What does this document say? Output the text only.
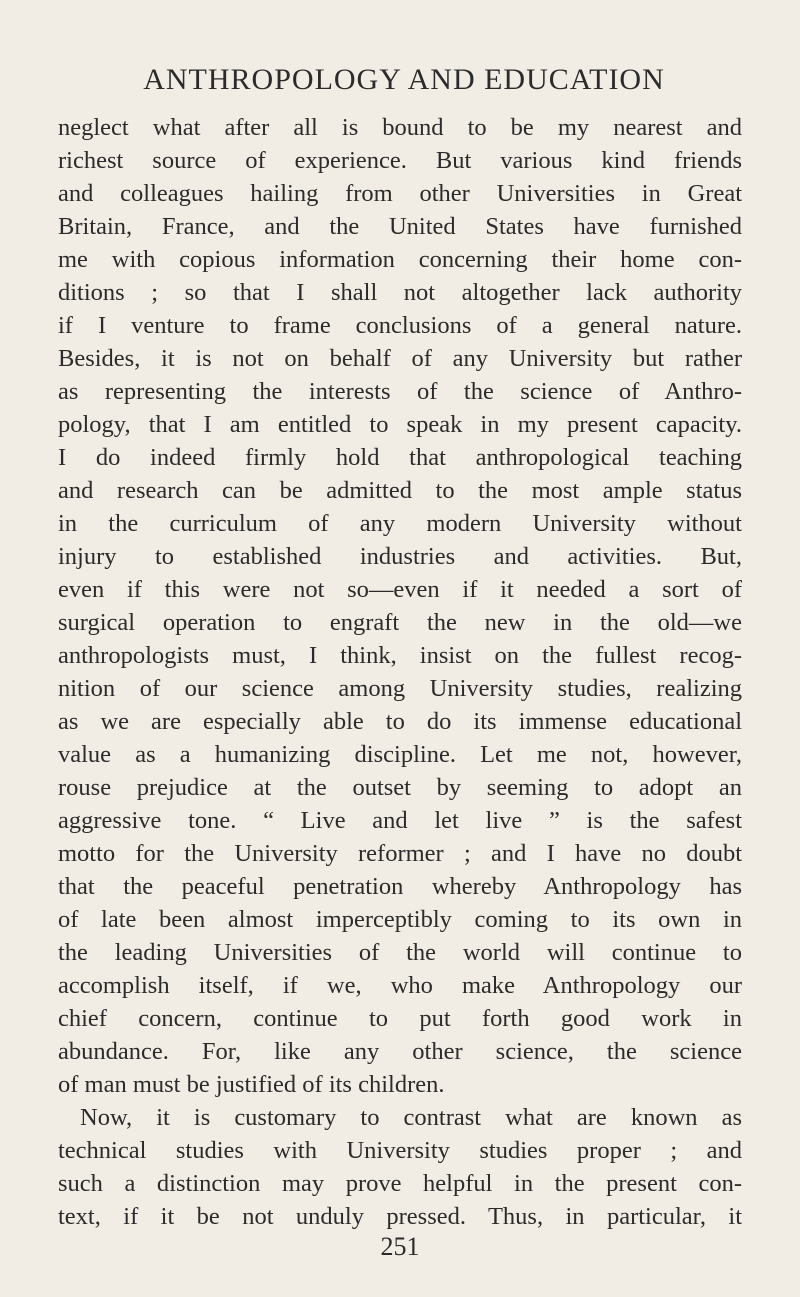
ANTHROPOLOGY AND EDUCATION
neglect what after all is bound to be my nearest and
richest source of experience. But various kind friends
and colleagues hailing from other Universities in Great
Britain, France, and the United States have furnished
me with copious information concerning their home con-
ditions ; so that I shall not altogether lack authority
if I venture to frame conclusions of a general nature.
Besides, it is not on behalf of any University but rather
as representing the interests of the science of Anthro-
pology, that I am entitled to speak in my present capacity.
I do indeed firmly hold that anthropological teaching
and research can be admitted to the most ample status
in the curriculum of any modern University without
injury to established industries and activities. But,
even if this were not so—even if it needed a sort of
surgical operation to engraft the new in the old—we
anthropologists must, I think, insist on the fullest recog-
nition of our science among University studies, realizing
as we are especially able to do its immense educational
value as a humanizing discipline. Let me not, however,
rouse prejudice at the outset by seeming to adopt an
aggressive tone. “ Live and let live ” is the safest
motto for the University reformer ; and I have no doubt
that the peaceful penetration whereby Anthropology has
of late been almost imperceptibly coming to its own in
the leading Universities of the world will continue to
accomplish itself, if we, who make Anthropology our
chief concern, continue to put forth good work in
abundance. For, like any other science, the science
of man must be justified of its children.
Now, it is customary to contrast what are known as
technical studies with University studies proper ; and
such a distinction may prove helpful in the present con-
text, if it be not unduly pressed. Thus, in particular, it
251
